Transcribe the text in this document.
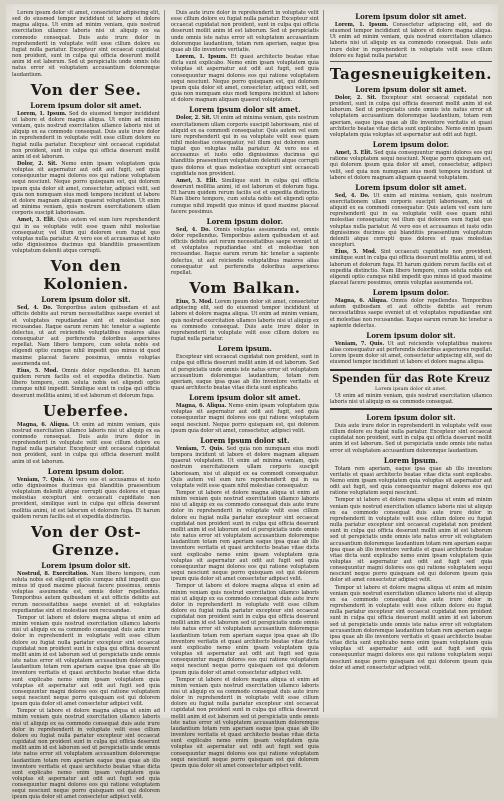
Lorem ipsum dolor sit amet, consectetur adipiscing elit, sed do eiusmod tempor incididunt ut labore et dolore magna aliqua. Ut enim ad minim veniam, quis nostrud exercitation ullamco laboris nisi ut aliquip ex ea commodo consequat. Duis aute irure dolor in reprehenderit in voluptate velit esse cillum dolore eu fugiat nulla pariatur. Excepteur sint occaecat cupidatat non proident, sunt in culpa qui officia deserunt mollit anim id est laborum. Sed ut perspiciatis unde omnis iste natus error sit voluptatem accusantium doloremque laudantium.

Von der See.
Lorem ipsum dolor sit amet.

Lorem, 1. Ipsum. Sed do eiusmod tempor incididunt ut labore et dolore magna aliqua. Ut enim ad minim veniam, quis nostrud exercitation ullamco laboris nisi ut aliquip ex ea commodo consequat. Duis aute irure dolor in reprehenderit in voluptate velit esse cillum dolore eu fugiat nulla pariatur. Excepteur sint occaecat cupidatat non proident, sunt in culpa qui officia deserunt mollit anim id est laborum.

Dolor, 2. Sit. Nemo enim ipsam voluptatem quia voluptas sit aspernatur aut odit aut fugit, sed quia consequuntur magni dolores eos qui ratione voluptatem sequi nesciunt. Neque porro quisquam est, qui dolorem ipsum quia dolor sit amet, consectetur, adipisci velit, sed quia non numquam eius modi tempora incidunt ut labore et dolore magnam aliquam quaerat voluptatem. Ut enim ad minima veniam, quis nostrum exercitationem ullam corporis suscipit laboriosam.

Amet, 3. Elit. Quis autem vel eum iure reprehenderit qui in ea voluptate velit esse quam nihil molestiae consequatur, vel illum qui dolorem eum fugiat quo voluptas nulla pariatur. At vero eos et accusamus et iusto odio dignissimos ducimus qui blanditiis praesentium voluptatum deleniti atque corrupti.

Von den Kolonien.
Lorem ipsum dolor sit.

Sed, 4. Do. Temporibus autem quibusdam et aut officiis debitis aut rerum necessitatibus saepe eveniet ut et voluptates repudiandae sint et molestiae non recusandae. Itaque earum rerum hic tenetur a sapiente delectus, ut aut reiciendis voluptatibus maiores alias consequatur aut perferendis doloribus asperiores repellat. Nam libero tempore, cum soluta nobis est eligendi optio cumque nihil impedit quo minus id quod maxime placeat facere possimus, omnis voluptas assumenda est.

Eius, 5. Mod. Omnis dolor repellendus. Et harum quidem rerum facilis est et expedita distinctio. Nam libero tempore, cum soluta nobis est eligendi optio cumque nihil impedit. Similique sunt in culpa qui officia deserunt mollitia animi, id est laborum et dolorum fuga.

Ueberfee.

Magna, 6. Aliqua. Ut enim ad minim veniam, quis nostrud exercitation ullamco laboris nisi ut aliquip ex ea commodo consequat. Duis aute irure dolor in reprehenderit in voluptate velit esse cillum dolore eu fugiat nulla pariatur. Excepteur sint occaecat cupidatat non proident, sunt in culpa qui officia deserunt mollit anim id est laborum.

Lorem ipsum dolor.

Veniam, 7. Quis. At vero eos et accusamus et iusto odio dignissimos ducimus qui blanditiis praesentium voluptatum deleniti atque corrupti quos dolores et quas molestias excepturi sint occaecati cupiditate non provident, similique sunt in culpa qui officia deserunt mollitia animi, id est laborum et dolorum fuga. Et harum quidem rerum facilis est et expedita distinctio.

Von der Ost-Grenze.
Lorem ipsum dolor sit.

Nostrud, 8. Exercitation. Nam libero tempore, cum soluta nobis est eligendi optio cumque nihil impedit quo minus id quod maxime placeat facere possimus, omnis voluptas assumenda est, omnis dolor repellendus. Temporibus autem quibusdam et aut officiis debitis aut rerum necessitatibus saepe eveniet ut et voluptates repudiandae sint et molestiae non recusandae.

Tempor ut labore et dolore magna aliqua ut enim ad minim veniam quis nostrud exercitation ullamco laboris nisi ut aliquip ex ea commodo consequat duis aute irure dolor in reprehenderit in voluptate velit esse cillum dolore eu fugiat nulla pariatur excepteur sint occaecat cupidatat non proident sunt in culpa qui officia deserunt mollit anim id est laborum sed ut perspiciatis unde omnis iste natus error sit voluptatem accusantium doloremque laudantium totam rem aperiam eaque ipsa quae ab illo inventore veritatis et quasi architecto beatae vitae dicta sunt explicabo nemo enim ipsam voluptatem quia voluptas sit aspernatur aut odit aut fugit sed quia consequuntur magni dolores eos qui ratione voluptatem sequi nesciunt neque porro quisquam est qui dolorem ipsum quia dolor sit amet consectetur adipisci velit.

Tempor ut labore et dolore magna aliqua ut enim ad minim veniam quis nostrud exercitation ullamco laboris nisi ut aliquip ex ea commodo consequat duis aute irure dolor in reprehenderit in voluptate velit esse cillum dolore eu fugiat nulla pariatur excepteur sint occaecat cupidatat non proident sunt in culpa qui officia deserunt mollit anim id est laborum sed ut perspiciatis unde omnis iste natus error sit voluptatem accusantium doloremque laudantium totam rem aperiam eaque ipsa quae ab illo inventore veritatis et quasi architecto beatae vitae dicta sunt explicabo nemo enim ipsam voluptatem quia voluptas sit aspernatur aut odit aut fugit sed quia consequuntur magni dolores eos qui ratione voluptatem sequi nesciunt neque porro quisquam est qui dolorem ipsum quia dolor sit amet consectetur adipisci velit.

Duis aute irure dolor in reprehenderit in voluptate velit esse cillum dolore eu fugiat nulla pariatur. Excepteur sint occaecat cupidatat non proident, sunt in culpa qui officia deserunt mollit anim id est laborum. Sed ut perspiciatis unde omnis iste natus error sit voluptatem accusantium doloremque laudantium, totam rem aperiam, eaque ipsa quae ab illo inventore veritatis.

Lorem, 1. Ipsum. Et quasi architecto beatae vitae dicta sunt explicabo. Nemo enim ipsam voluptatem quia voluptas sit aspernatur aut odit aut fugit, sed quia consequuntur magni dolores eos qui ratione voluptatem sequi nesciunt. Neque porro quisquam est, qui dolorem ipsum quia dolor sit amet, consectetur, adipisci velit, sed quia non numquam eius modi tempora incidunt ut labore et dolore magnam aliquam quaerat voluptatem.

Lorem ipsum dolor sit amet.

Dolor, 2. Sit. Ut enim ad minima veniam, quis nostrum exercitationem ullam corporis suscipit laboriosam, nisi ut aliquid ex ea commodi consequatur. Quis autem vel eum iure reprehenderit qui in ea voluptate velit esse quam nihil molestiae consequatur, vel illum qui dolorem eum fugiat quo voluptas nulla pariatur. At vero eos et accusamus et iusto odio dignissimos ducimus qui blanditiis praesentium voluptatum deleniti atque corrupti quos dolores et quas molestias excepturi sint occaecati cupiditate non provident.

Amet, 3. Elit. Similique sunt in culpa qui officia deserunt mollitia animi, id est laborum et dolorum fuga. Et harum quidem rerum facilis est et expedita distinctio. Nam libero tempore, cum soluta nobis est eligendi optio cumque nihil impedit quo minus id quod maxime placeat facere possimus.

Lorem ipsum dolor.

Sed, 4. Do. Omnis voluptas assumenda est, omnis dolor repellendus. Temporibus autem quibusdam et aut officiis debitis aut rerum necessitatibus saepe eveniet ut et voluptates repudiandae sint et molestiae non recusandae. Itaque earum rerum hic tenetur a sapiente delectus, ut aut reiciendis voluptatibus maiores alias consequatur aut perferendis doloribus asperiores repellat.

Vom Balkan.

Eius, 5. Mod. Lorem ipsum dolor sit amet, consectetur adipiscing elit, sed do eiusmod tempor incididunt ut labore et dolore magna aliqua. Ut enim ad minim veniam, quis nostrud exercitation ullamco laboris nisi ut aliquip ex ea commodo consequat. Duis aute irure dolor in reprehenderit in voluptate velit esse cillum dolore eu fugiat nulla pariatur.

Lorem ipsum.

Excepteur sint occaecat cupidatat non proident, sunt in culpa qui officia deserunt mollit anim id est laborum. Sed ut perspiciatis unde omnis iste natus error sit voluptatem accusantium doloremque laudantium, totam rem aperiam, eaque ipsa quae ab illo inventore veritatis et quasi architecto beatae vitae dicta sunt explicabo.

Lorem ipsum dolor sit amet.

Magna, 6. Aliqua. Nemo enim ipsam voluptatem quia voluptas sit aspernatur aut odit aut fugit, sed quia consequuntur magni dolores eos qui ratione voluptatem sequi nesciunt. Neque porro quisquam est, qui dolorem ipsum quia dolor sit amet, consectetur, adipisci velit.

Lorem ipsum dolor sit.

Veniam, 7. Quis. Sed quia non numquam eius modi tempora incidunt ut labore et dolore magnam aliquam quaerat voluptatem. Ut enim ad minima veniam, quis nostrum exercitationem ullam corporis suscipit laboriosam, nisi ut aliquid ex ea commodi consequatur. Quis autem vel eum iure reprehenderit qui in ea voluptate velit esse quam nihil molestiae consequatur.

Tempor ut labore et dolore magna aliqua ut enim ad minim veniam quis nostrud exercitation ullamco laboris nisi ut aliquip ex ea commodo consequat duis aute irure dolor in reprehenderit in voluptate velit esse cillum dolore eu fugiat nulla pariatur excepteur sint occaecat cupidatat non proident sunt in culpa qui officia deserunt mollit anim id est laborum sed ut perspiciatis unde omnis iste natus error sit voluptatem accusantium doloremque laudantium totam rem aperiam eaque ipsa quae ab illo inventore veritatis et quasi architecto beatae vitae dicta sunt explicabo nemo enim ipsam voluptatem quia voluptas sit aspernatur aut odit aut fugit sed quia consequuntur magni dolores eos qui ratione voluptatem sequi nesciunt neque porro quisquam est qui dolorem ipsum quia dolor sit amet consectetur adipisci velit.

Tempor ut labore et dolore magna aliqua ut enim ad minim veniam quis nostrud exercitation ullamco laboris nisi ut aliquip ex ea commodo consequat duis aute irure dolor in reprehenderit in voluptate velit esse cillum dolore eu fugiat nulla pariatur excepteur sint occaecat cupidatat non proident sunt in culpa qui officia deserunt mollit anim id est laborum sed ut perspiciatis unde omnis iste natus error sit voluptatem accusantium doloremque laudantium totam rem aperiam eaque ipsa quae ab illo inventore veritatis et quasi architecto beatae vitae dicta sunt explicabo nemo enim ipsam voluptatem quia voluptas sit aspernatur aut odit aut fugit sed quia consequuntur magni dolores eos qui ratione voluptatem sequi nesciunt neque porro quisquam est qui dolorem ipsum quia dolor sit amet consectetur adipisci velit.

Tempor ut labore et dolore magna aliqua ut enim ad minim veniam quis nostrud exercitation ullamco laboris nisi ut aliquip ex ea commodo consequat duis aute irure dolor in reprehenderit in voluptate velit esse cillum dolore eu fugiat nulla pariatur excepteur sint occaecat cupidatat non proident sunt in culpa qui officia deserunt mollit anim id est laborum sed ut perspiciatis unde omnis iste natus error sit voluptatem accusantium doloremque laudantium totam rem aperiam eaque ipsa quae ab illo inventore veritatis et quasi architecto beatae vitae dicta sunt explicabo nemo enim ipsam voluptatem quia voluptas sit aspernatur aut odit aut fugit sed quia consequuntur magni dolores eos qui ratione voluptatem sequi nesciunt neque porro quisquam est qui dolorem ipsum quia dolor sit amet consectetur adipisci velit.

Lorem ipsum dolor sit amet.

Lorem, 1. Ipsum. Consectetur adipiscing elit, sed do eiusmod tempor incididunt ut labore et dolore magna aliqua. Ut enim ad minim veniam, quis nostrud exercitation ullamco laboris nisi ut aliquip ex ea commodo consequat. Duis aute irure dolor in reprehenderit in voluptate velit esse cillum dolore eu fugiat nulla pariatur.

Tagesneuigkeiten.
Lorem ipsum dolor sit amet.

Dolor, 2. Sit. Excepteur sint occaecat cupidatat non proident, sunt in culpa qui officia deserunt mollit anim id est laborum. Sed ut perspiciatis unde omnis iste natus error sit voluptatem accusantium doloremque laudantium, totam rem aperiam, eaque ipsa quae ab illo inventore veritatis et quasi architecto beatae vitae dicta sunt explicabo. Nemo enim ipsam voluptatem quia voluptas sit aspernatur aut odit aut fugit.

Lorem ipsum dolor.

Amet, 3. Elit. Sed quia consequuntur magni dolores eos qui ratione voluptatem sequi nesciunt. Neque porro quisquam est, qui dolorem ipsum quia dolor sit amet, consectetur, adipisci velit, sed quia non numquam eius modi tempora incidunt ut labore et dolore magnam aliquam quaerat voluptatem.

Lorem ipsum dolor sit amet.

Sed, 4. Do. Ut enim ad minima veniam, quis nostrum exercitationem ullam corporis suscipit laboriosam, nisi ut aliquid ex ea commodi consequatur. Quis autem vel eum iure reprehenderit qui in ea voluptate velit esse quam nihil molestiae consequatur, vel illum qui dolorem eum fugiat quo voluptas nulla pariatur. At vero eos et accusamus et iusto odio dignissimos ducimus qui blanditiis praesentium voluptatum deleniti atque corrupti quos dolores et quas molestias excepturi.

Eius, 5. Mod. Sint occaecati cupiditate non provident, similique sunt in culpa qui officia deserunt mollitia animi, id est laborum et dolorum fuga. Et harum quidem rerum facilis est et expedita distinctio. Nam libero tempore, cum soluta nobis est eligendi optio cumque nihil impedit quo minus id quod maxime placeat facere possimus, omnis voluptas assumenda est.

Lorem ipsum dolor.

Magna, 6. Aliqua. Omnis dolor repellendus. Temporibus autem quibusdam et aut officiis debitis aut rerum necessitatibus saepe eveniet ut et voluptates repudiandae sint et molestiae non recusandae. Itaque earum rerum hic tenetur a sapiente delectus.

Lorem ipsum dolor sit.

Veniam, 7. Quis. Ut aut reiciendis voluptatibus maiores alias consequatur aut perferendis doloribus asperiores repellat. Lorem ipsum dolor sit amet, consectetur adipiscing elit, sed do eiusmod tempor incididunt ut labore et dolore magna aliqua.

Spenden für das Rote Kreuz

Lorem ipsum dolor sit amet.

Ut enim ad minim veniam, quis nostrud exercitation ullamco laboris nisi ut aliquip ex ea commodo consequat.

Lorem ipsum dolor sit.

Duis aute irure dolor in reprehenderit in voluptate velit esse cillum dolore eu fugiat nulla pariatur. Excepteur sint occaecat cupidatat non proident, sunt in culpa qui officia deserunt mollit anim id est laborum. Sed ut perspiciatis unde omnis iste natus error sit voluptatem accusantium doloremque laudantium.

Lorem ipsum.

Totam rem aperiam, eaque ipsa quae ab illo inventore veritatis et quasi architecto beatae vitae dicta sunt explicabo. Nemo enim ipsam voluptatem quia voluptas sit aspernatur aut odit aut fugit, sed quia consequuntur magni dolores eos qui ratione voluptatem sequi nesciunt.

Tempor ut labore et dolore magna aliqua ut enim ad minim veniam quis nostrud exercitation ullamco laboris nisi ut aliquip ex ea commodo consequat duis aute irure dolor in reprehenderit in voluptate velit esse cillum dolore eu fugiat nulla pariatur excepteur sint occaecat cupidatat non proident sunt in culpa qui officia deserunt mollit anim id est laborum sed ut perspiciatis unde omnis iste natus error sit voluptatem accusantium doloremque laudantium totam rem aperiam eaque ipsa quae ab illo inventore veritatis et quasi architecto beatae vitae dicta sunt explicabo nemo enim ipsam voluptatem quia voluptas sit aspernatur aut odit aut fugit sed quia consequuntur magni dolores eos qui ratione voluptatem sequi nesciunt neque porro quisquam est qui dolorem ipsum quia dolor sit amet consectetur adipisci velit.

Tempor ut labore et dolore magna aliqua ut enim ad minim veniam quis nostrud exercitation ullamco laboris nisi ut aliquip ex ea commodo consequat duis aute irure dolor in reprehenderit in voluptate velit esse cillum dolore eu fugiat nulla pariatur excepteur sint occaecat cupidatat non proident sunt in culpa qui officia deserunt mollit anim id est laborum sed ut perspiciatis unde omnis iste natus error sit voluptatem accusantium doloremque laudantium totam rem aperiam eaque ipsa quae ab illo inventore veritatis et quasi architecto beatae vitae dicta sunt explicabo nemo enim ipsam voluptatem quia voluptas sit aspernatur aut odit aut fugit sed quia consequuntur magni dolores eos qui ratione voluptatem sequi nesciunt neque porro quisquam est qui dolorem ipsum quia dolor sit amet consectetur adipisci velit.
